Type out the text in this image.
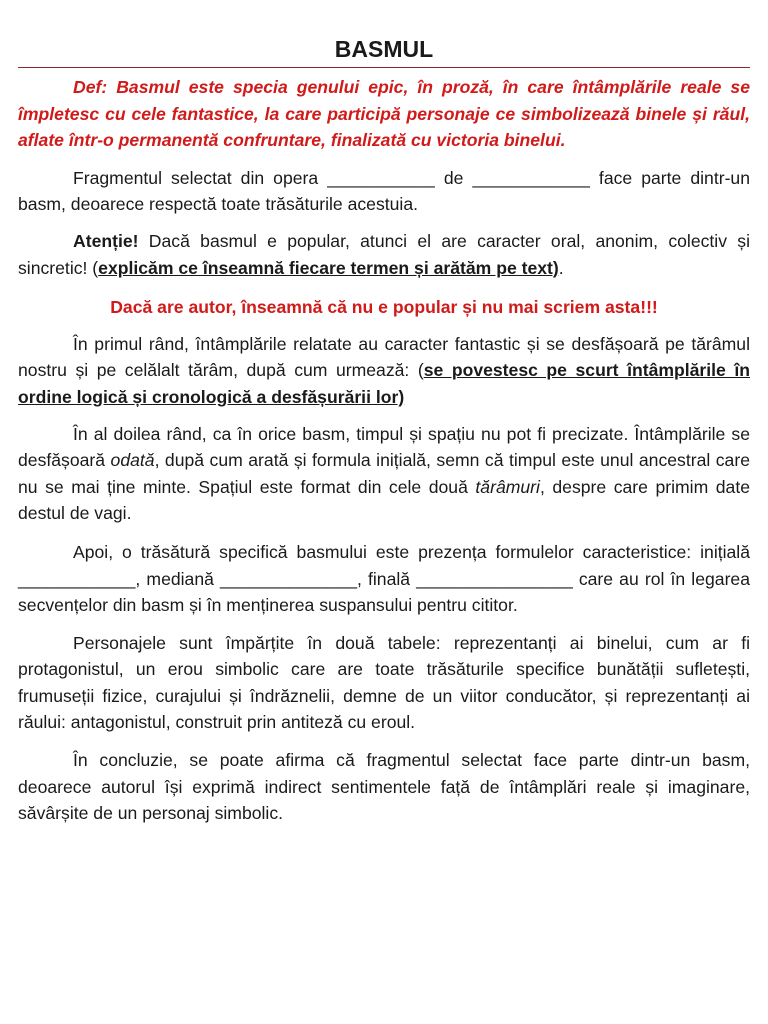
BASMUL

Def: Basmul este specia genului epic, în proză, în care întâmplările reale se împletesc cu cele fantastice, la care participă personaje ce simbolizează binele și răul, aflate într-o permanentă confruntare, finalizată cu victoria binelui.

Fragmentul selectat din opera ___________ de ____________ face parte dintr-un basm, deoarece respectă toate trăsăturile acestuia.

Atenție! Dacă basmul e popular, atunci el are caracter oral, anonim, colectiv și sincretic! (explicăm ce înseamnă fiecare termen și arătăm pe text).

Dacă are autor, înseamnă că nu e popular și nu mai scriem asta!!!

În primul rând, întâmplările relatate au caracter fantastic și se desfășoară pe tărâmul nostru și pe celălalt tărâm, după cum urmează: (se povestesc pe scurt întâmplările în ordine logică și cronologică a desfășurării lor)

În al doilea rând, ca în orice basm, timpul și spațiu nu pot fi precizate. Întâmplările se desfășoară odată, după cum arată și formula inițială, semn că timpul este unul ancestral care nu se mai ține minte. Spațiul este format din cele două tărâmuri, despre care primim date destul de vagi.

Apoi, o trăsătură specifică basmului este prezența formulelor caracteristice: inițială ____________, mediană ______________, finală ________________ care au rol în legarea secvențelor din basm și în menținerea suspansului pentru cititor.

Personajele sunt împărțite în două tabele: reprezentanți ai binelui, cum ar fi protagonistul, un erou simbolic care are toate trăsăturile specifice bunătății sufletești, frumuseții fizice, curajului și îndrăznelii, demne de un viitor conducător, și reprezentanți ai răului: antagonistul, construit prin antiteză cu eroul.

În concluzie, se poate afirma că fragmentul selectat face parte dintr-un basm, deoarece autorul își exprimă indirect sentimentele față de întâmplări reale și imaginare, săvârșite de un personaj simbolic.
